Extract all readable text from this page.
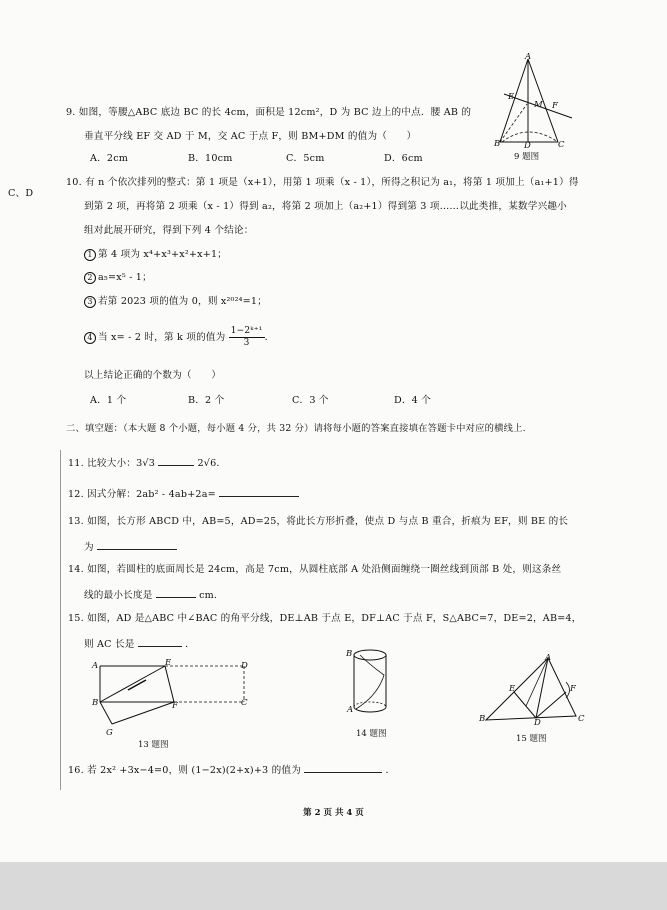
C、D
9. 如图，等腰△ABC 底边 BC 的长 4cm，面积是 12cm²，D 为 BC 边上的中点．腰 AB 的
垂直平分线 EF 交 AD 于 M，交 AC 于点 F，则 BM+DM 的值为（　　）
A．2cm	B．10cm	C．5cm	D．6cm
A
E
M F
B	D	C
9 题图
10. 有 n 个依次排列的整式：第 1 项是（x+1），用第 1 项乘（x - 1），所得之积记为 a₁，将第 1 项加上（a₁+1）得
到第 2 项，再将第 2 项乘（x - 1）得到 a₂，将第 2 项加上（a₂+1）得到第 3 项……以此类推，某数学兴趣小
组对此展开研究，得到下列 4 个结论：
1 第 4 项为 x⁴+x³+x²+x+1；
2 a₅=x⁵ - 1；
3 若第 2023 项的值为 0，则 x²⁰²⁴=1；
4 当 x= - 2 时，第 k 项的值为 $\frac{\text{1−2ᵏ⁺¹}}{3}$ ．
以上结论正确的个数为（　　）
A．1 个	B．2 个	C．3 个	D．4 个
二、填空题：（本大题 8 个小题，每小题 4 分，共 32 分）请将每小题的答案直接填在答题卡中对应的横线上.
11. 比较大小：3√3	2√6．
12. 因式分解：2ab² - 4ab+2a=
13. 如图，长方形 ABCD 中，AB=5，AD=25，将此长方形折叠，使点 D 与点 B 重合，折痕为 EF，则 BE 的长
为
14. 如图，若圆柱的底面周长是 24cm，高是 7cm，从圆柱底部 A 处沿侧面缠绕一圈丝线到顶部 B 处，则这条丝
线的最小长度是	cm.
15. 如图，AD 是△ABC 中∠BAC 的角平分线，DE⊥AB 于点 E，DF⊥AC 于点 F，S△ABC=7，DE=2，AB=4，
则 AC 长是	．
A	E	D
B	F	C
G
13 题图
B
A
14 题图
A
E	F
B	D	C
15 题图
16. 若 2x² +3x−4=0，则 (1−2x)(2+x)+3 的值为	．
第 2 页 共 4 页
